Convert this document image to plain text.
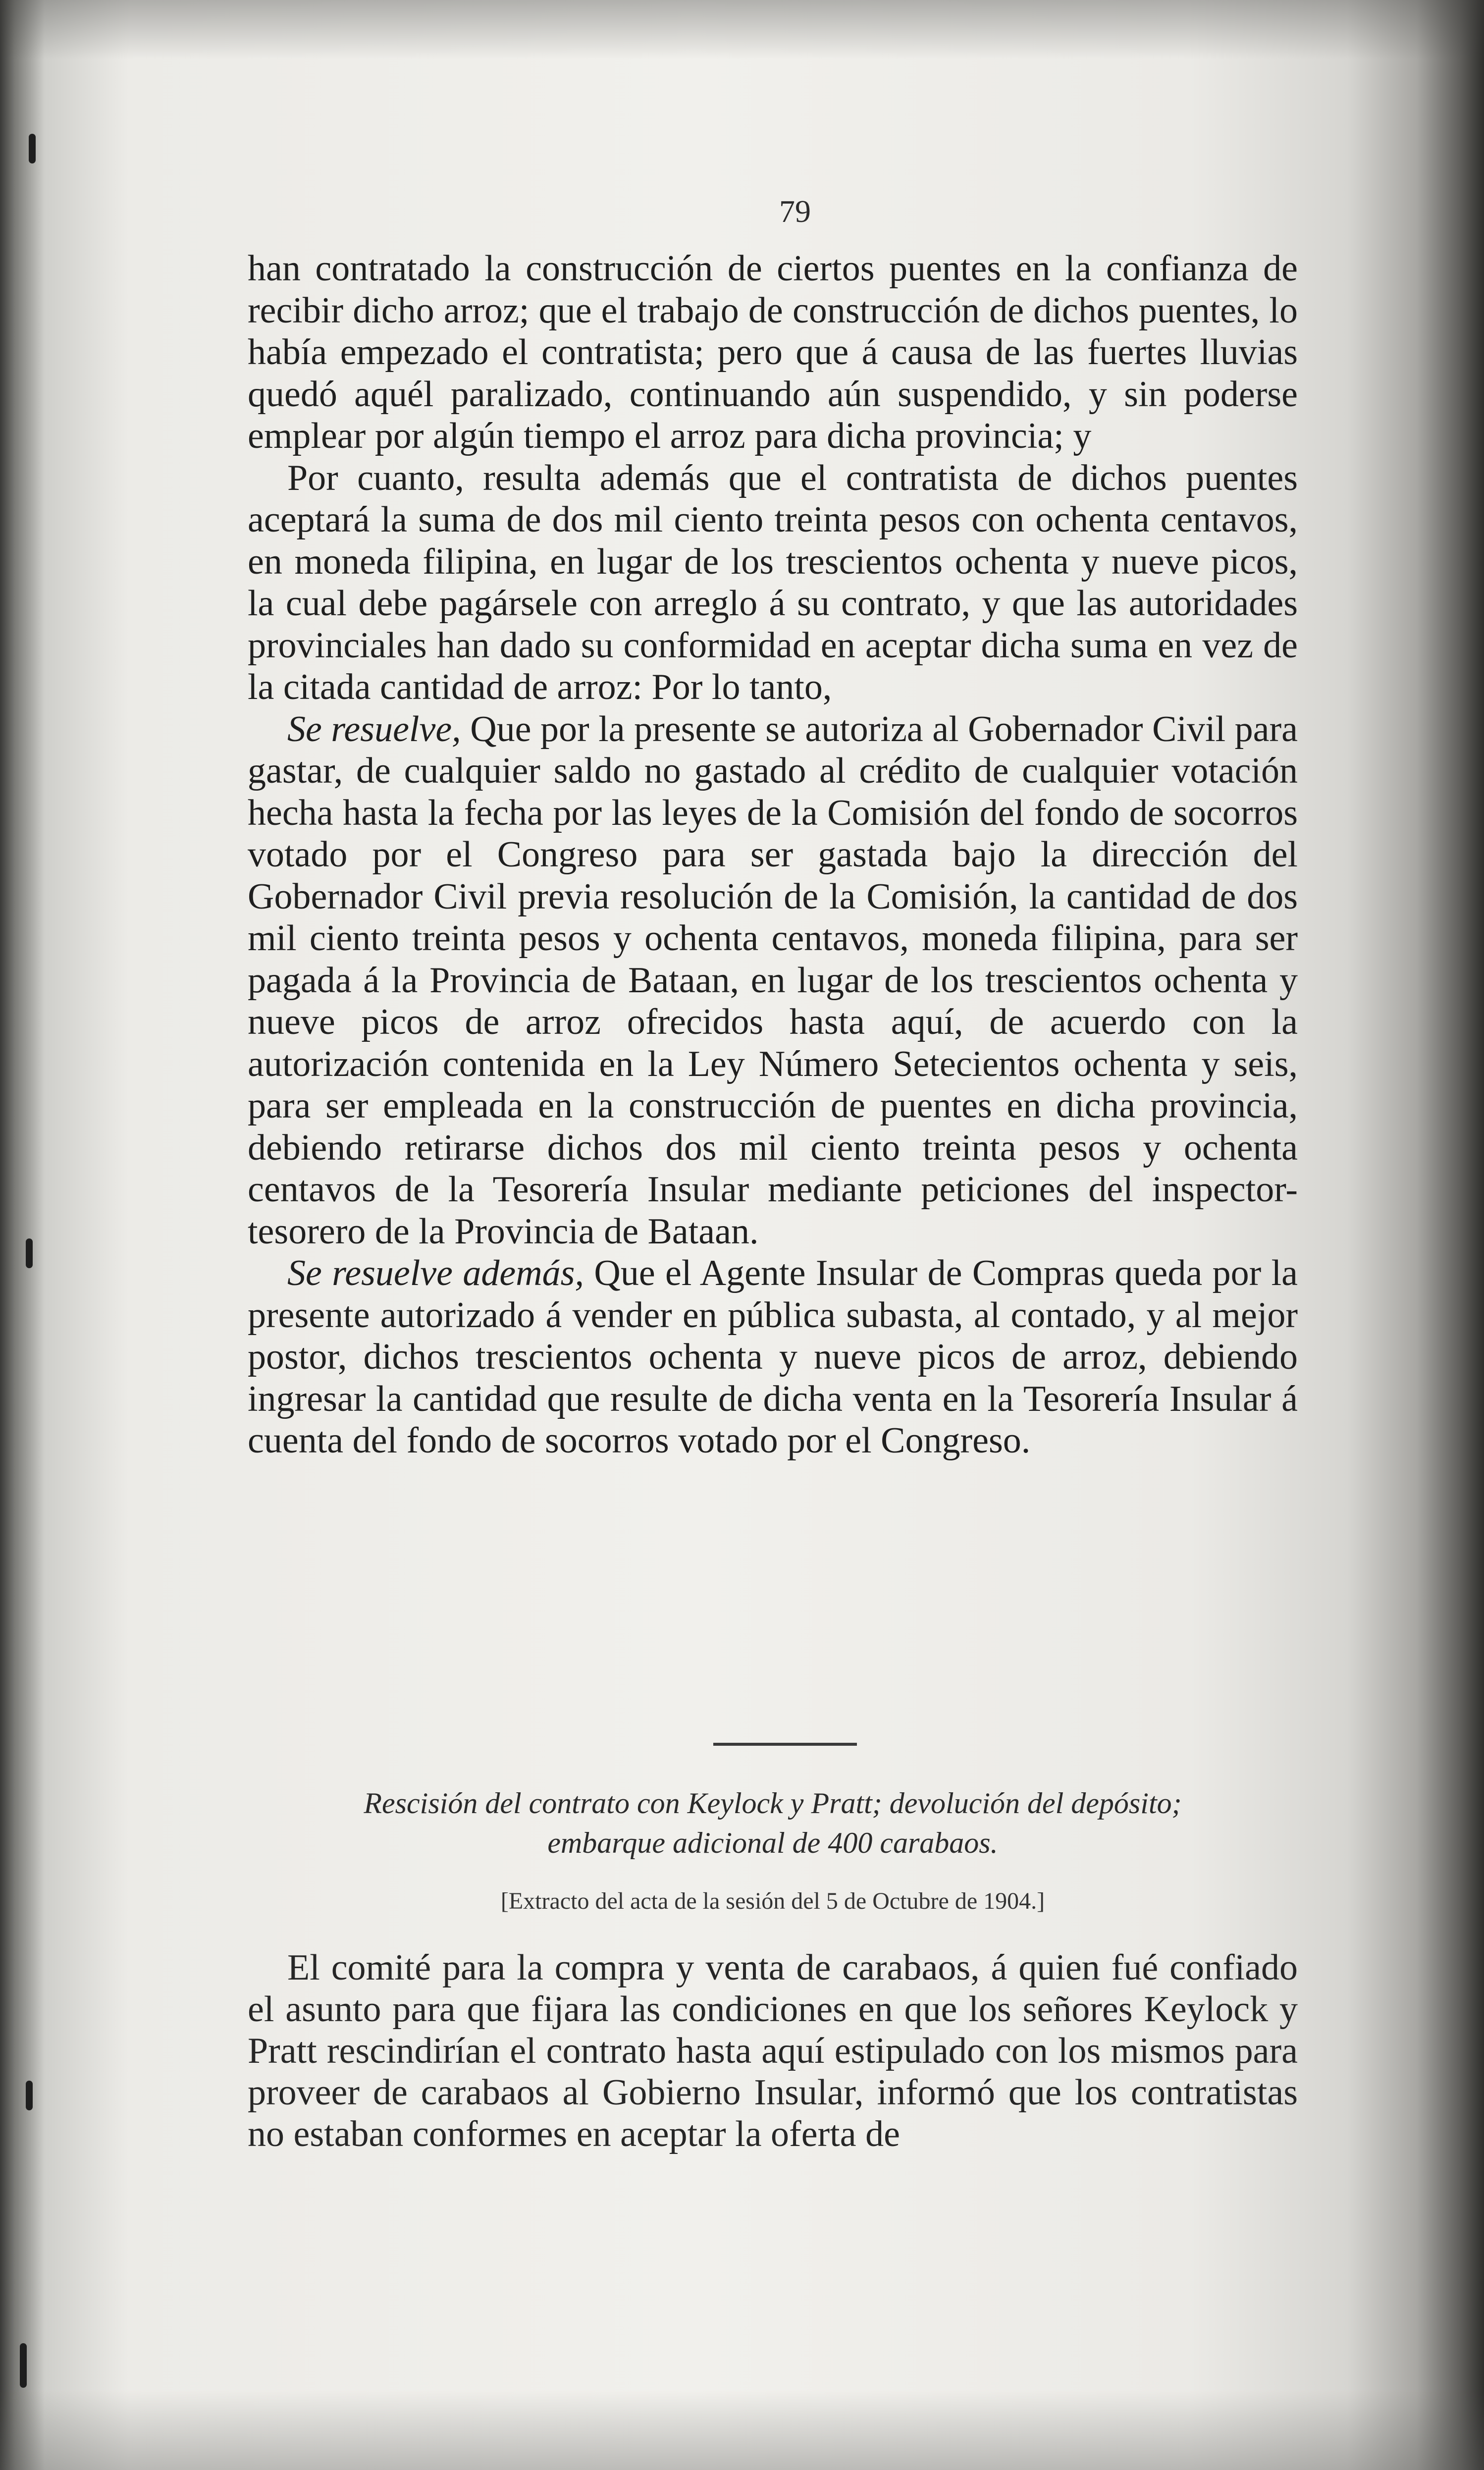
79

han contratado la construcción de ciertos puentes en la confianza de recibir dicho arroz; que el trabajo de construcción de dichos puentes, lo había empezado el contratista; pero que á causa de las fuertes lluvias quedó aquél paralizado, continuando aún suspendido, y sin poderse emplear por algún tiempo el arroz para dicha provincia; y

Por cuanto, resulta además que el contratista de dichos puentes aceptará la suma de dos mil ciento treinta pesos con ochenta centavos, en moneda filipina, en lugar de los trescientos ochenta y nueve picos, la cual debe pagársele con arreglo á su contrato, y que las autoridades provinciales han dado su conformidad en aceptar dicha suma en vez de la citada cantidad de arroz: Por lo tanto,

Se resuelve, Que por la presente se autoriza al Gobernador Civil para gastar, de cualquier saldo no gastado al crédito de cualquier votación hecha hasta la fecha por las leyes de la Comisión del fondo de socorros votado por el Congreso para ser gastada bajo la dirección del Gobernador Civil previa resolución de la Comisión, la cantidad de dos mil ciento treinta pesos y ochenta centavos, moneda filipina, para ser pagada á la Provincia de Bataan, en lugar de los trescientos ochenta y nueve picos de arroz ofrecidos hasta aquí, de acuerdo con la autorización contenida en la Ley Número Setecientos ochenta y seis, para ser empleada en la construcción de puentes en dicha provincia, debiendo retirarse dichos dos mil ciento treinta pesos y ochenta centavos de la Tesorería Insular mediante peticiones del inspector-tesorero de la Provincia de Bataan.

Se resuelve además, Que el Agente Insular de Compras queda por la presente autorizado á vender en pública subasta, al contado, y al mejor postor, dichos trescientos ochenta y nueve picos de arroz, debiendo ingresar la cantidad que resulte de dicha venta en la Tesorería Insular á cuenta del fondo de socorros votado por el Congreso.

Rescisión del contrato con Keylock y Pratt; devolución del depósito;
embarque adicional de 400 carabaos.
[Extracto del acta de la sesión del 5 de Octubre de 1904.]

El comité para la compra y venta de carabaos, á quien fué confiado el asunto para que fijara las condiciones en que los señores Keylock y Pratt rescindirían el contrato hasta aquí estipulado con los mismos para proveer de carabaos al Gobierno Insular, informó que los contratistas no estaban conformes en aceptar la oferta de
